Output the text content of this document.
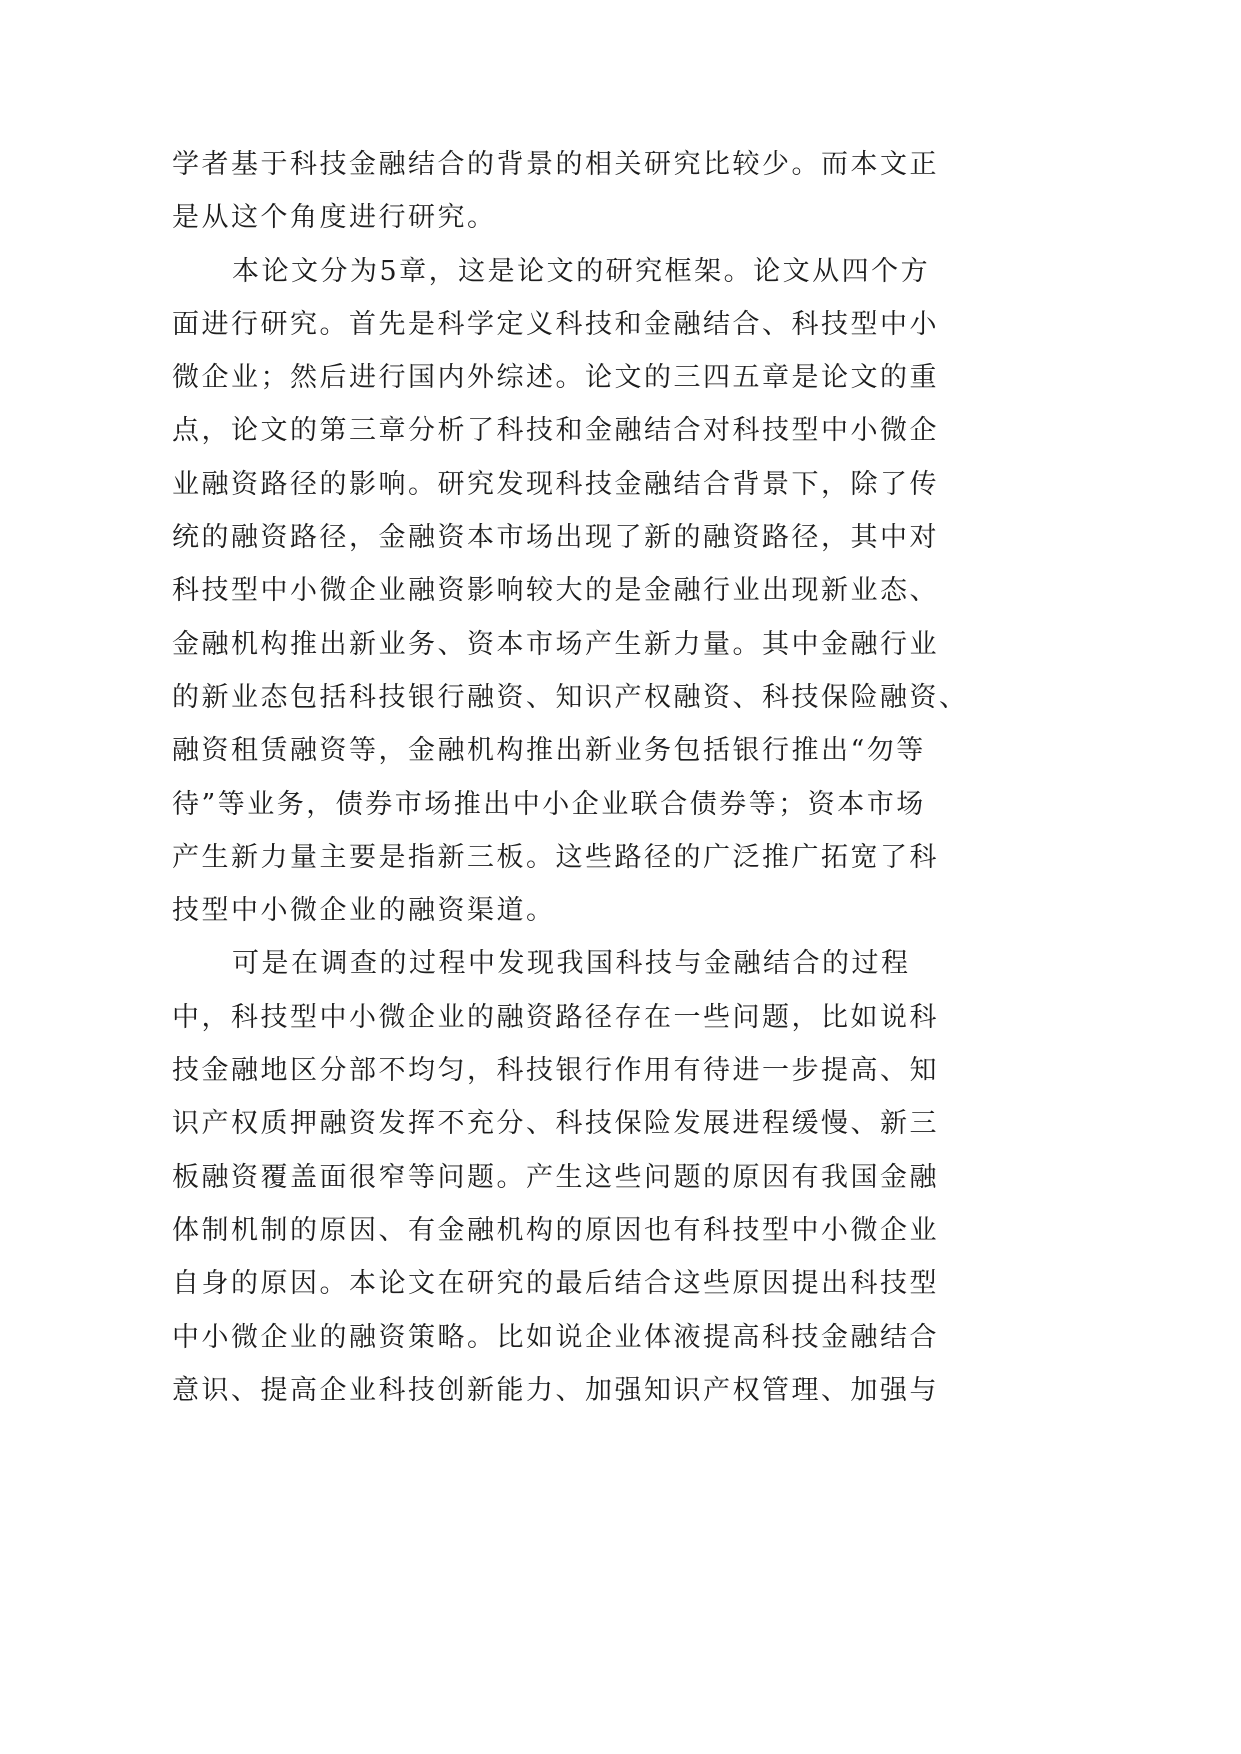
学者基于科技金融结合的背景的相关研究比较少。而本文正
是从这个角度进行研究。
本论文分为5章，这是论文的研究框架。论文从四个方
面进行研究。首先是科学定义科技和金融结合、科技型中小
微企业；然后进行国内外综述。论文的三四五章是论文的重
点，论文的第三章分析了科技和金融结合对科技型中小微企
业融资路径的影响。研究发现科技金融结合背景下，除了传
统的融资路径，金融资本市场出现了新的融资路径，其中对
科技型中小微企业融资影响较大的是金融行业出现新业态、
金融机构推出新业务、资本市场产生新力量。其中金融行业
的新业态包括科技银行融资、知识产权融资、科技保险融资、
融资租赁融资等，金融机构推出新业务包括银行推出“勿等
待”等业务，债券市场推出中小企业联合债券等；资本市场
产生新力量主要是指新三板。这些路径的广泛推广拓宽了科
技型中小微企业的融资渠道。
可是在调查的过程中发现我国科技与金融结合的过程
中，科技型中小微企业的融资路径存在一些问题，比如说科
技金融地区分部不均匀，科技银行作用有待进一步提高、知
识产权质押融资发挥不充分、科技保险发展进程缓慢、新三
板融资覆盖面很窄等问题。产生这些问题的原因有我国金融
体制机制的原因、有金融机构的原因也有科技型中小微企业
自身的原因。本论文在研究的最后结合这些原因提出科技型
中小微企业的融资策略。比如说企业体液提高科技金融结合
意识、提高企业科技创新能力、加强知识产权管理、加强与
